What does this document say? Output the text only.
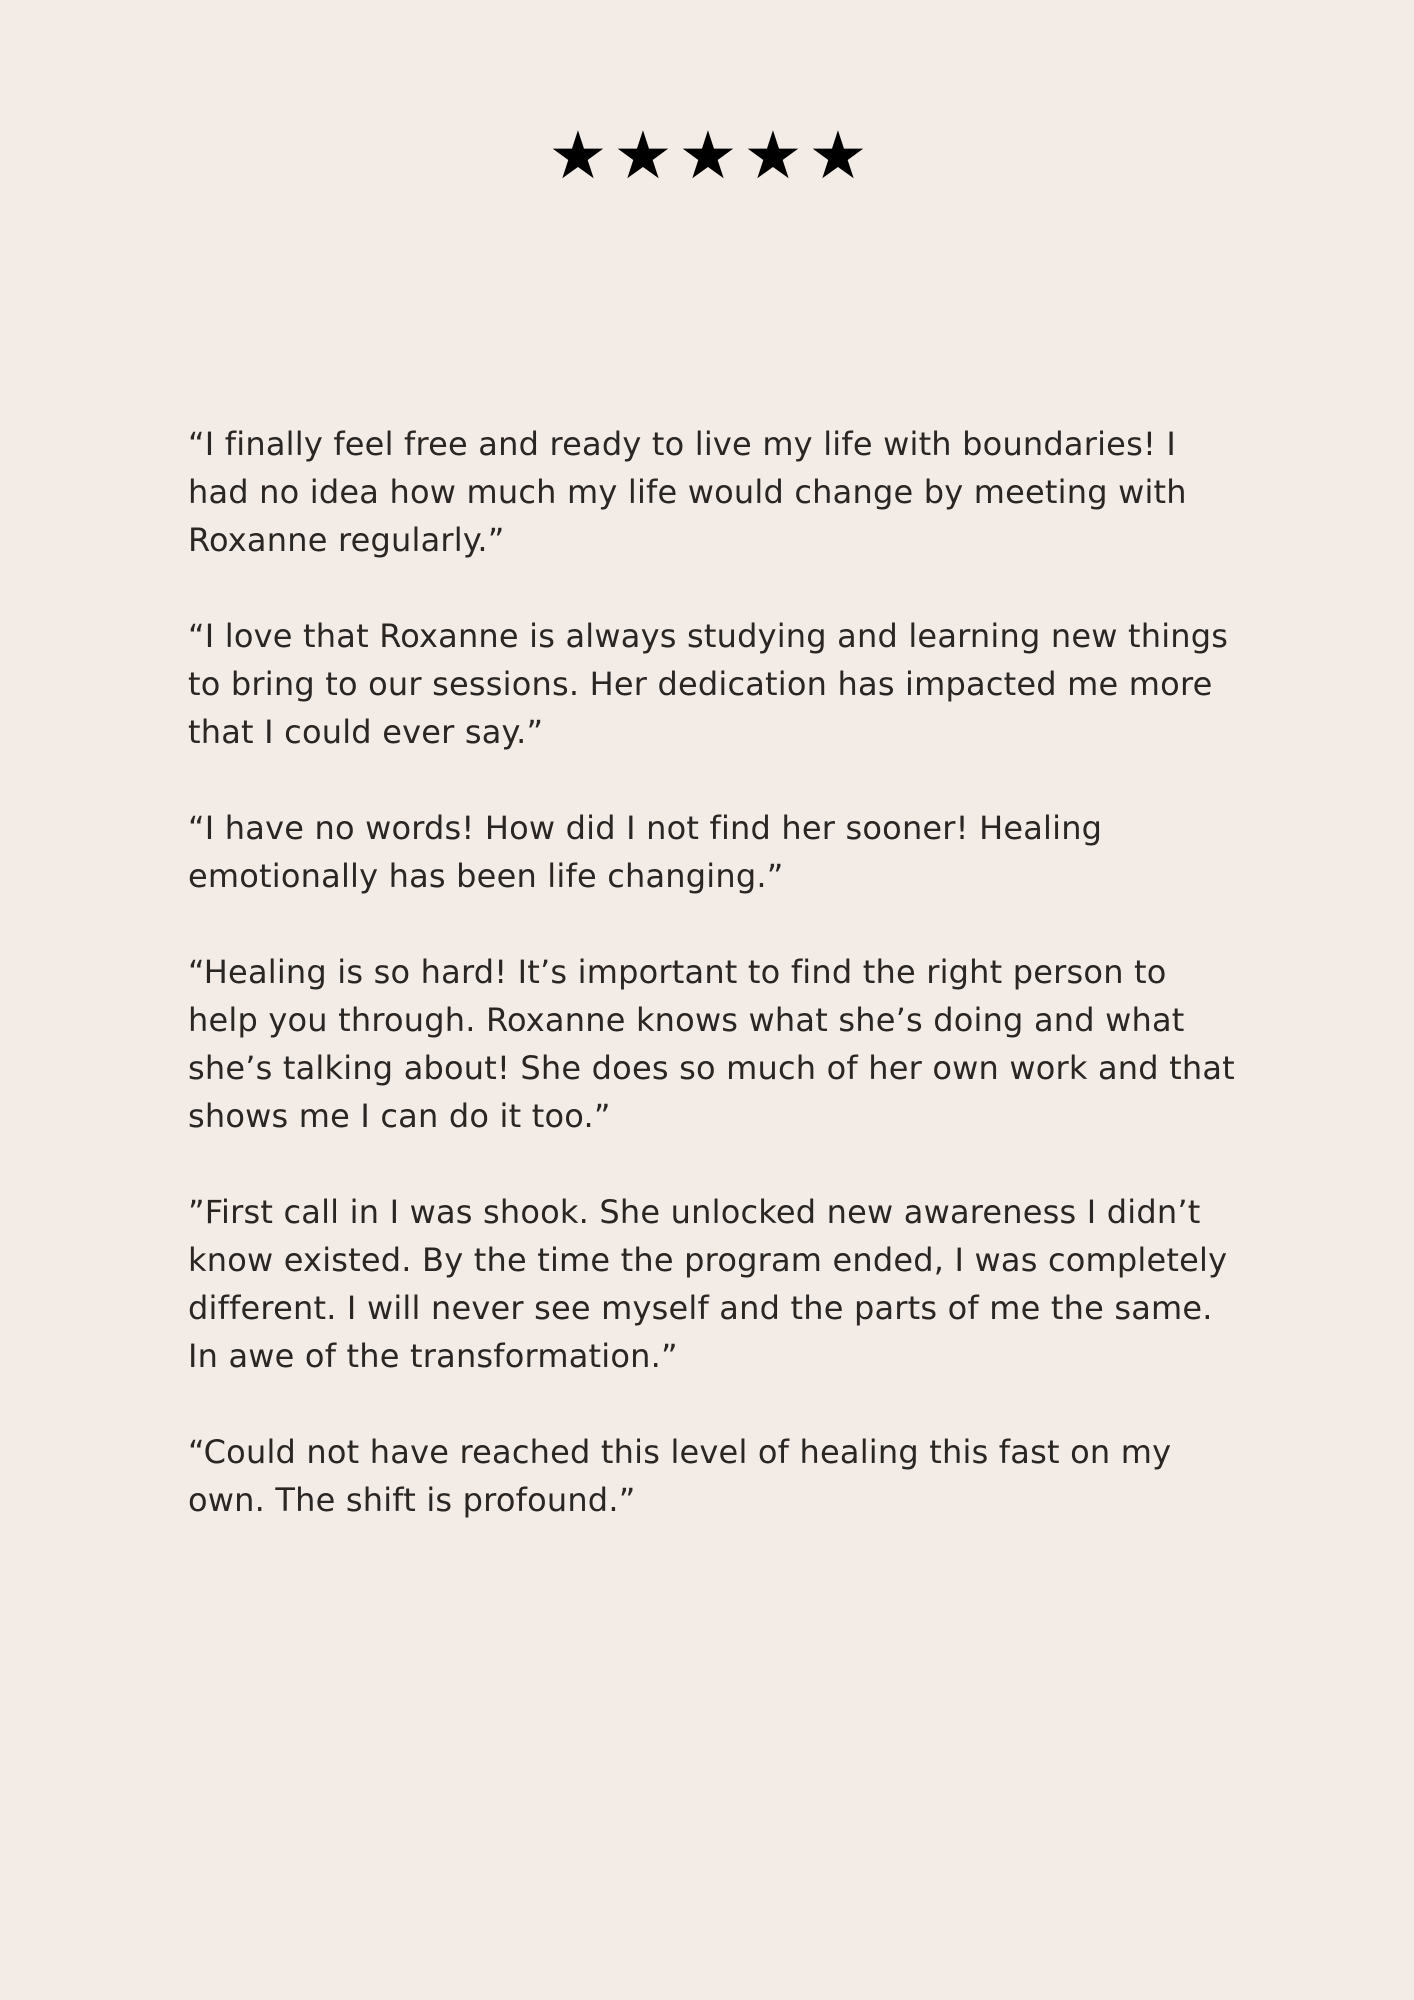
★ ★ ★ ★ ★

“I finally feel free and ready to live my life with boundaries! I had no idea how much my life would change by meeting with Roxanne regularly.”

“I love that Roxanne is always studying and learning new things to bring to our sessions. Her dedication has impacted me more that I could ever say.”

“I have no words! How did I not find her sooner! Healing emotionally has been life changing.”

“Healing is so hard! It’s important to find the right person to help you through. Roxanne knows what she’s doing and what she’s talking about! She does so much of her own work and that shows me I can do it too.”

”First call in I was shook. She unlocked new awareness I didn’t know existed. By the time the program ended, I was completely different. I will never see myself and the parts of me the same. In awe of the transformation.”

“Could not have reached this level of healing this fast on my own. The shift is profound.”
